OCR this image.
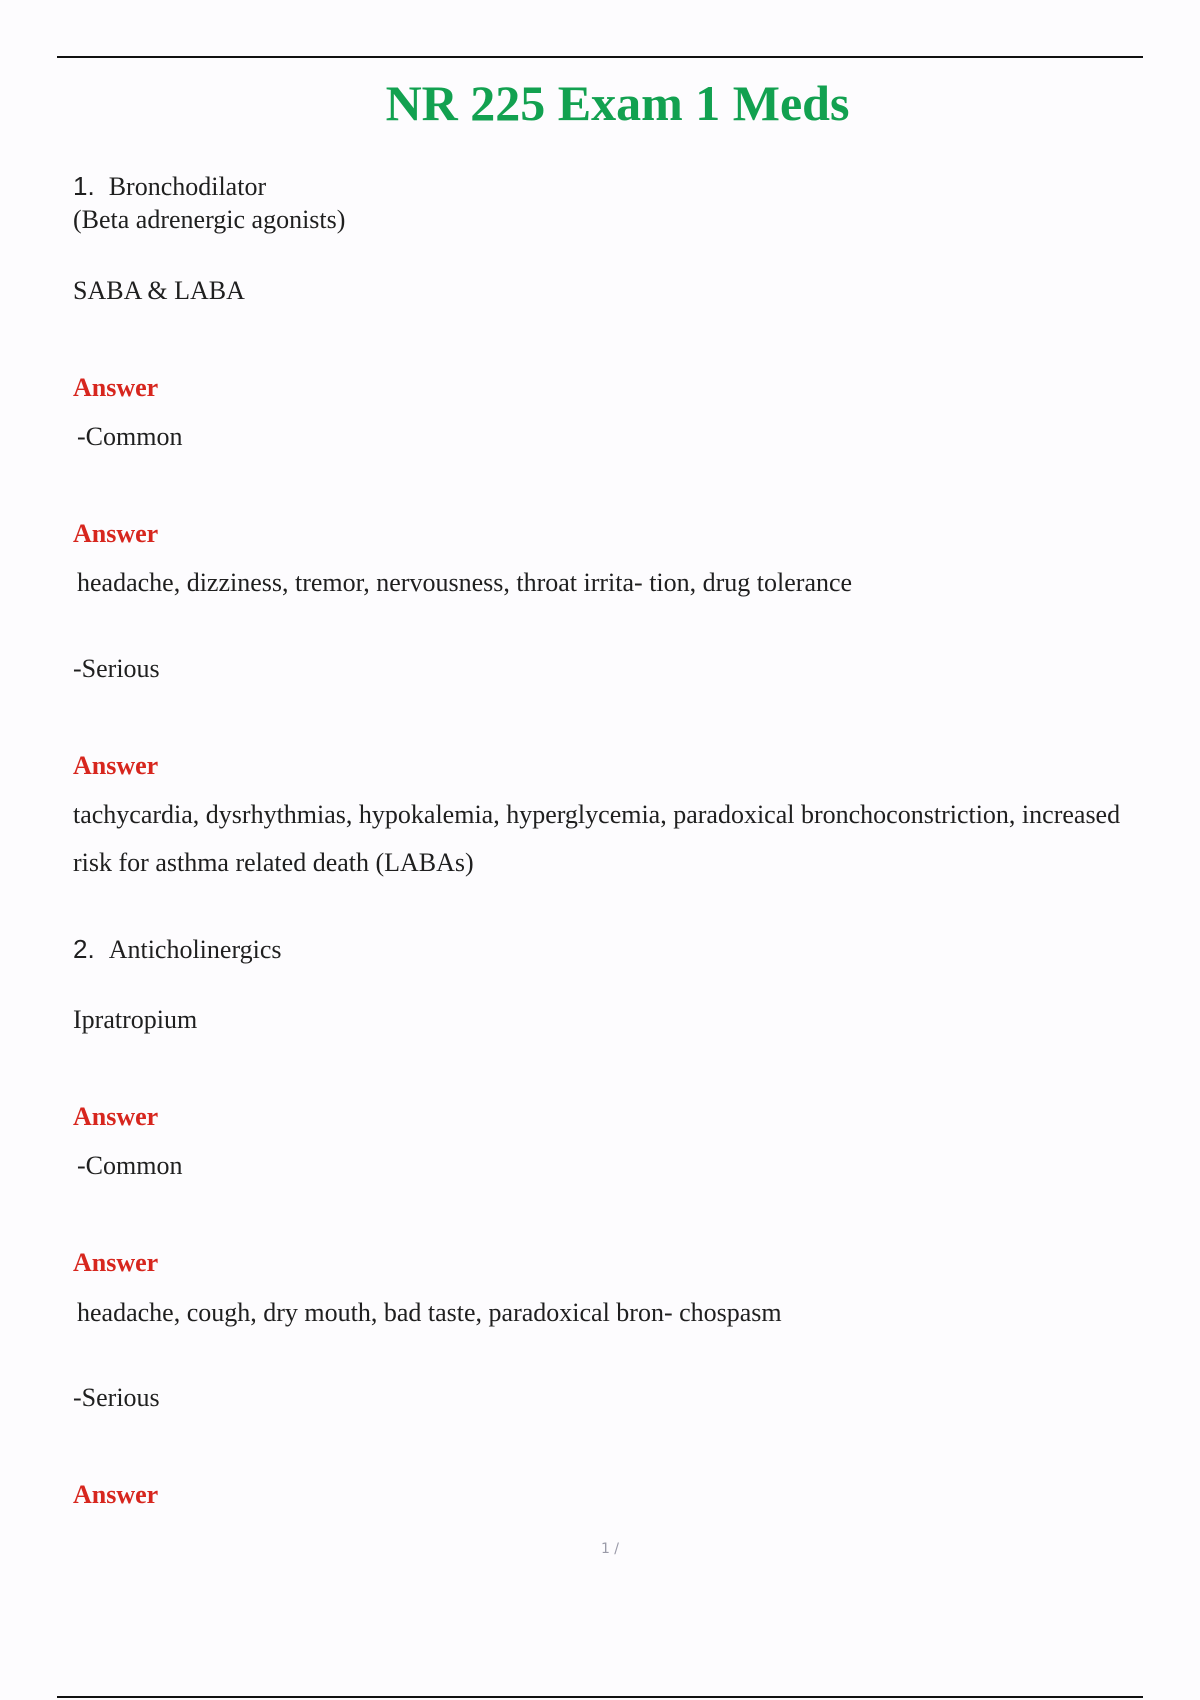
NR 225 Exam 1 Meds
1. Bronchodilator

(Beta adrenergic agonists)

SABA & LABA

Answer

-Common

Answer

headache, dizziness, tremor, nervousness, throat irrita- tion, drug tolerance

-Serious

Answer

tachycardia, dysrhythmias, hypokalemia, hyperglycemia, paradoxical bronchoconstriction, increased risk for asthma related death (LABAs)

2. Anticholinergics

Ipratropium

Answer

-Common

Answer

headache, cough, dry mouth, bad taste, paradoxical bron- chospasm

-Serious

Answer

1 /
